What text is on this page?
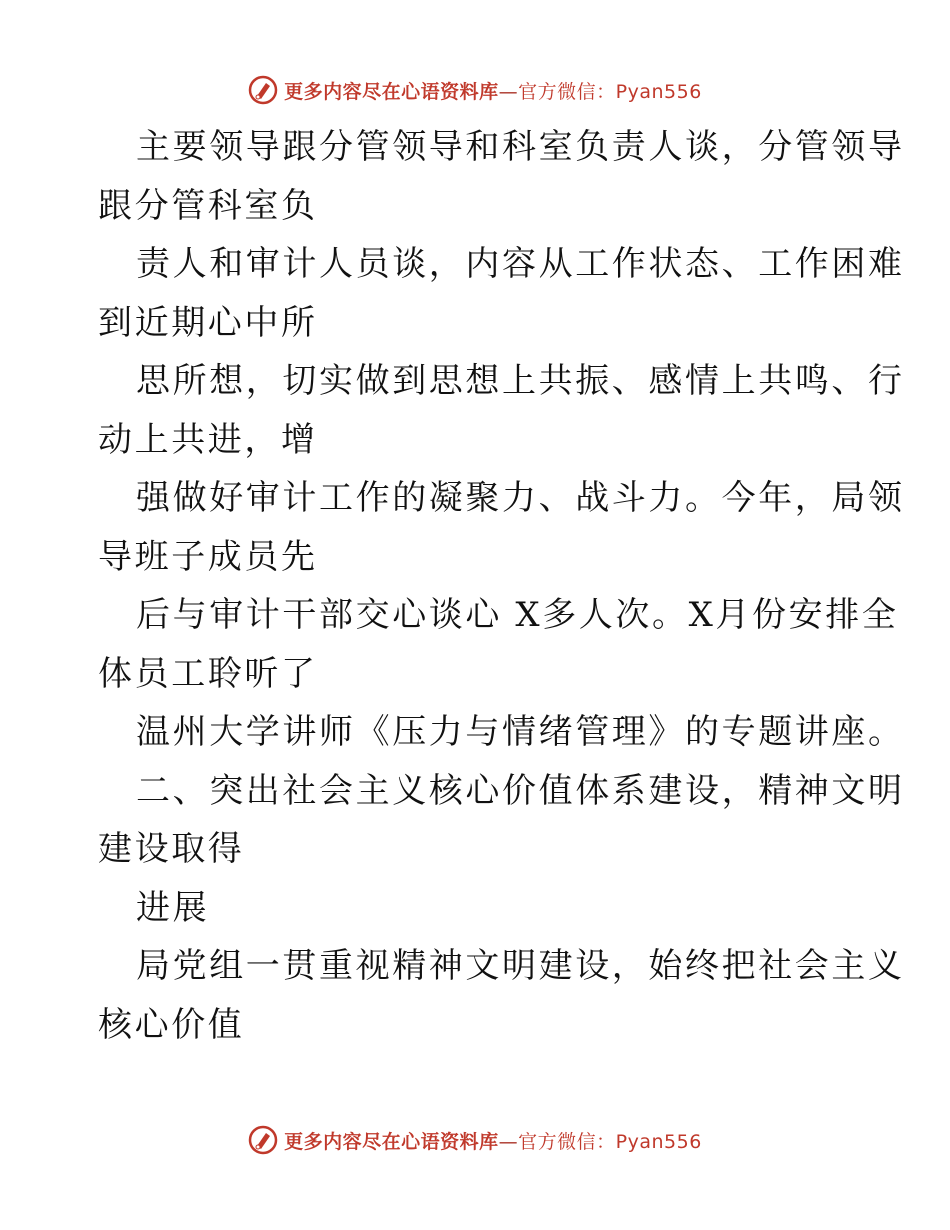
更多内容尽在心语资料库—官方微信：Pyan556

主要领导跟分管领导和科室负责人谈，分管领导

跟分管科室负

责人和审计人员谈，内容从工作状态、工作困难

到近期心中所

思所想，切实做到思想上共振、感情上共鸣、行

动上共进，增

强做好审计工作的凝聚力、战斗力。今年，局领

导班子成员先

后与审计干部交心谈心 X多人次。X月份安排全

体员工聆听了

温州大学讲师《压力与情绪管理》的专题讲座。

二、突出社会主义核心价值体系建设，精神文明

建设取得

进展

局党组一贯重视精神文明建设，始终把社会主义

核心价值

更多内容尽在心语资料库—官方微信：Pyan556
